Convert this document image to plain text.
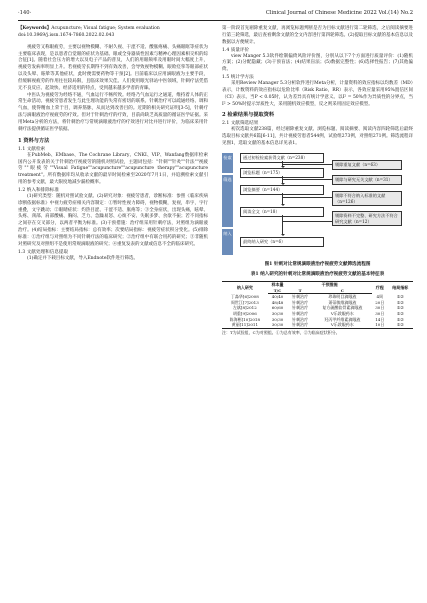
·140·	Clinical Journal of Chinese Medicine 2022 Vol.(14) No.2

【Keywords】Acupuncture; Visual fatigue; System evaluation

doi:10.3969/j.issn.1674-7860.2022.02.043

视疲劳又称眼疲劳，主要以视物模糊、不耐久视、干涩不适、酸胀疼痛、头痛眼眶等症状为主要临床表现，是以患者自觉眼的症状为基础、眼或全身器质性因素与精神心理因素相交织的综合征[1]。随着社会压力的增大以及电子产品的普及，人们的用眼频率及用眼时间大幅度上升，视疲劳发病率明显上升。若视疲劳长期得不到有效改善，会导致视物模糊、眼睑痉挛等眼部症状以及头晕、眩晕等其他症状，此时便需要药物等干预[2]。目前临床以应用滴眼液为主要手段，但缓解视疲劳的作用往往较局限，且临床效果欠佳。人们使用眼光驿站中医领域，针刺疗法凭借无不良反应、起效快、经济适用的特点，受到越来越多学者的青睐。

中医认为视疲劳为经络不通，气血运行不畅所致。经络乃气血运行之通道，维持着人体的正常生命活动。视疲劳患者发生与此生理功能的失常有密切的联系。针刺治疗可以疏通经络、调和气血，使得精血上荣于目，调养筋脉，从而达到改善目的。近期的相关研究证明[3-5]，针刺疗法与滴眼液治疗视疲劳的疗效。但对于针刺治疗的疗效，目前尚缺乏高质量的循证医学证据。采用Meta分析的方法，将针刺治疗与常规滴眼液治疗的疗效进行对比并进行评价，为临床采用针刺疗法提供循证医学依据。

1 资料与方法

1.1 文献检索

在PubMeb、EMbase、The Cochrane Library、CNKI、VIP、Wanfang数据库检索国内公开发表的关于针刺治疗视疲劳的随机对照试验，主题词包括："针刺""针灸""针法""视疲劳""眼疲劳""Visual Fatigue""acupuncture""acupuncture therapy""acupuncture treatment"。所有数据库均从收录文献的最早时间检索至2020年7月1日，并追溯检索文献引用的参考文献，最大限度地减少漏检概率。

1.2 纳入和排除标准

(1)研究类型：随机对照试验文献。(2)研究对象：视疲劳患者，诊断标准：参照《临床疾病诊断依据标准》中视力疲劳症相关内容制定：①暂时性视力障碍，视物模糊，复视，串字，字行重叠，文字跳动；②眼睛症状：灼热目涩、干涩不适、胀疼等；③全身症状，出现头痛，眩晕、头疼、颈部、肩部酸痛、胸闷、乏力、急躁易怒、心烦不安、失眠多梦、食欲不振；若不同指标之间存在交叉部分，以两者平衡为标准。(3)干预措施：治疗组采用针刺疗法，对照组为滴眼液治疗。(4)结局指标：主要结局指标：总有效率；次要结局指标：视疲劳症状积分变化。(5)排除标准：①治疗组与对照组为不同针刺疗法的临床研究；②治疗组中有联合用药的研究；③非随机对照研究及对照组不是使用常规滴眼液的研究；④重复发表的文献或信息不全的临床研究。

1.3 文献处理和信息提取

(1)确定并下载目标文献，导入Endnote软件进行筛选。

第一阶段首先剔除重复文献，再浏览标题判断是否为目标文献进行第二轮筛选，之后阅读摘要进行第三轮筛选，最后查看剩余文献的全文内容进行第四轮筛选。(2)提取目标文献的基本信息以及数据以方便统计。

1.4 质量评价

view Manger 5.3软件绘制偏倚风险评价图，分别从以下7个方面进行质量评价：(1)随机方案；(2)分配隐藏；(3)干预盲法；(4)结果盲法；(5)数据完整性；(6)选择性报告；(7)其他偏倚。

1.5 统计学方法

采用Review Manager 5.3分析软件进行Meta分析，计量资料的效应指标以均数差（MD）表示，计数资料的效应指标以危险比率（Risk Ratio，RR）表示，各效应量采用95%置信区间（CI）表示。当P < 0.05时，认为差异具有统计学意义。以I² = 50%作为异质性的分界点，当I² > 50%时提示异质性大，采用随机效应模型，反之则采用固定效应模型。

2 检索结果与提取资料

2.1 文献筛选结果

初次选取文献238篇，经过剔除重复文献、浏览标题、阅读摘要、阅读内容四轮筛选后最终选取目标文献共6篇[6-11]，共计视疲劳患者544例，试验组273例，对照组271例。筛选流程详见图1，选取文献的基本信息详见表1。

检索
筛选
纳入
通过初检检索获得文献（n=238）
剔除重复文献（n=63）
浏览标题（n=175）
剔除与研究无关文献（n=31）
浏览摘要（n=144）
剔除不符合纳入标准的文献（n=126）
阅读全文（n=18）
剔除资料不完整、研究方法不符合研究文献（n=12）
最终纳入研究（n=6）

图1 针刺对比常规滴眼液治疗视疲劳文献筛选流程图

表1 纳入研究的针刺对比常规滴眼液治疗视疲劳文献的基本特征表

纳入研究	样本量	干预措施		疗程	结局指标
	T/C	T	C		
丁淼华[6]2008	40/40	针刺治疗	珍珠明目滴眼液	4周	①②
周世江[7]2013	48/48	针刺治疗	萧蒂敏维滴眼液	20日	①②
左斌[8]2012	60/60	针刺治疗	复方硫酸软骨素滴眼液	30日	①②
胡重[9]2006	30/30	针刺治疗	V乐敦眼药水	30日	①②
陈海彬[10]2018	30/30	针刺治疗	羟丙甲纤维素滴眼液	14日	①②
黄丽[11]2011	30/30	针刺治疗	V乐敦眼药水	10日	①②

注：T为试验组，C为对照组。①为总有效率，②为临床症状积分。
